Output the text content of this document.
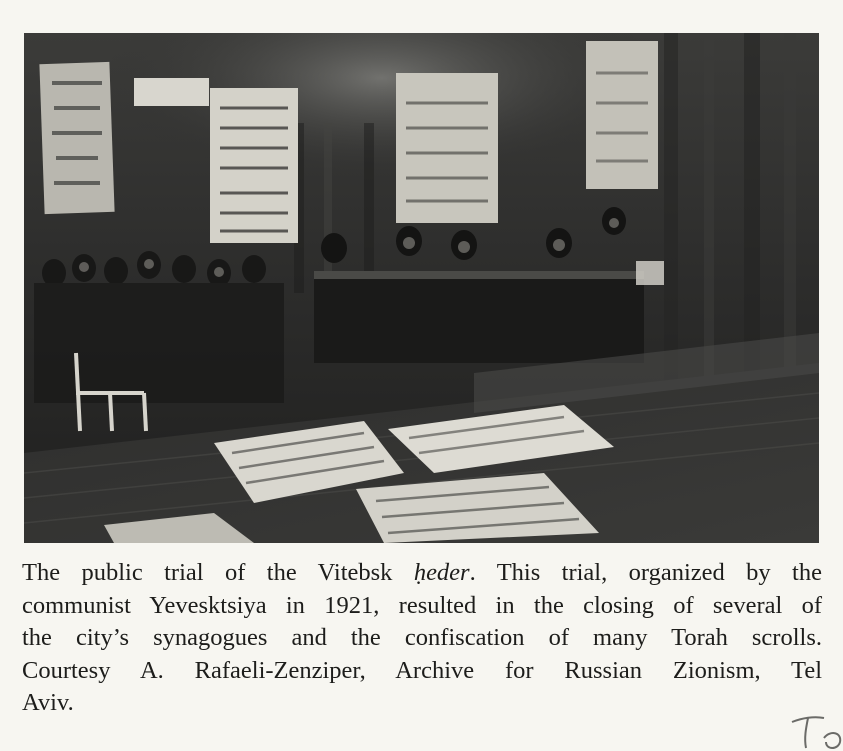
The public trial of the Vitebsk ḥeder. This trial, organized by the
communist Yevesktsiya in 1921, resulted in the closing of several of
the city’s synagogues and the confiscation of many Torah scrolls.
Courtesy A. Rafaeli-Zenziper, Archive for Russian Zionism, Tel
Aviv.
